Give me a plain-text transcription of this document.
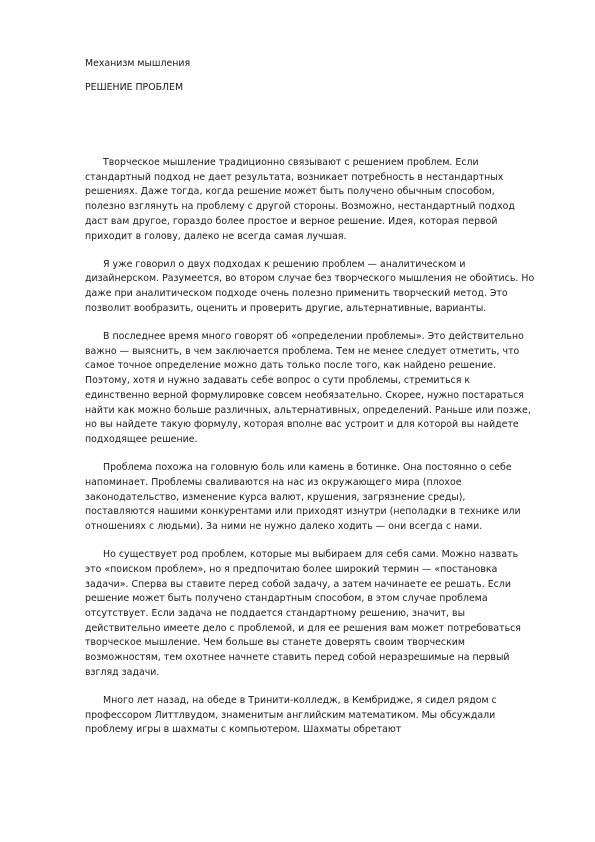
Механизм мышления
РЕШЕНИЕ ПРОБЛЕМ

Творческое мышление традиционно связывают с решением проблем. Если стандартный подход не дает результата, возникает потребность в нестандартных решениях. Даже тогда, когда решение может быть получено обычным способом, полезно взглянуть на проблему с другой стороны. Возможно, нестандартный подход даст вам другое, гораздо более простое и верное решение. Идея, которая первой приходит в голову, далеко не всегда самая лучшая.

Я уже говорил о двух подходах к решению проблем — аналитическом и дизайнерском. Разумеется, во втором случае без творческого мышления не обойтись. Но даже при аналитическом подходе очень полезно применить творческий метод. Это позволит вообразить, оценить и проверить другие, альтернативные, варианты.

В последнее время много говорят об «определении проблемы». Это действительно важно — выяснить, в чем заключается проблема. Тем не менее следует отметить, что самое точное определение можно дать только после того, как найдено решение. Поэтому, хотя и нужно задавать себе вопрос о сути проблемы, стремиться к единственно верной формулировке совсем необязательно. Скорее, нужно постараться найти как можно больше различных, альтернативных, определений. Раньше или позже, но вы найдете такую формулу, которая вполне вас устроит и для которой вы найдете подходящее решение.

Проблема похожа на головную боль или камень в ботинке. Она постоянно о себе напоминает. Проблемы сваливаются на нас из окружающего мира (плохое законодательство, изменение курса валют, крушения, загрязнение среды), поставляются нашими конкурентами или приходят изнутри (неполадки в технике или отношениях с людьми). За ними не нужно далеко ходить — они всегда с нами.

Но существует род проблем, которые мы выбираем для себя сами. Можно назвать это «поиском проблем», но я предпочитаю более широкий термин — «постановка задачи». Сперва вы ставите перед собой задачу, а затем начинаете ее решать. Если решение может быть получено стандартным способом, в этом случае проблема отсутствует. Если задача не поддается стандартному решению, значит, вы действительно имеете дело с проблемой, и для ее решения вам может потребоваться творческое мышление. Чем больше вы станете доверять своим творческим возможностям, тем охотнее начнете ставить перед собой неразрешимые на первый взгляд задачи.

Много лет назад, на обеде в Тринити-колледж, в Кембридже, я сидел рядом с профессором Литтлвудом, знаменитым английским математиком. Мы обсуждали проблему игры в шахматы с компьютером. Шахматы обретают
